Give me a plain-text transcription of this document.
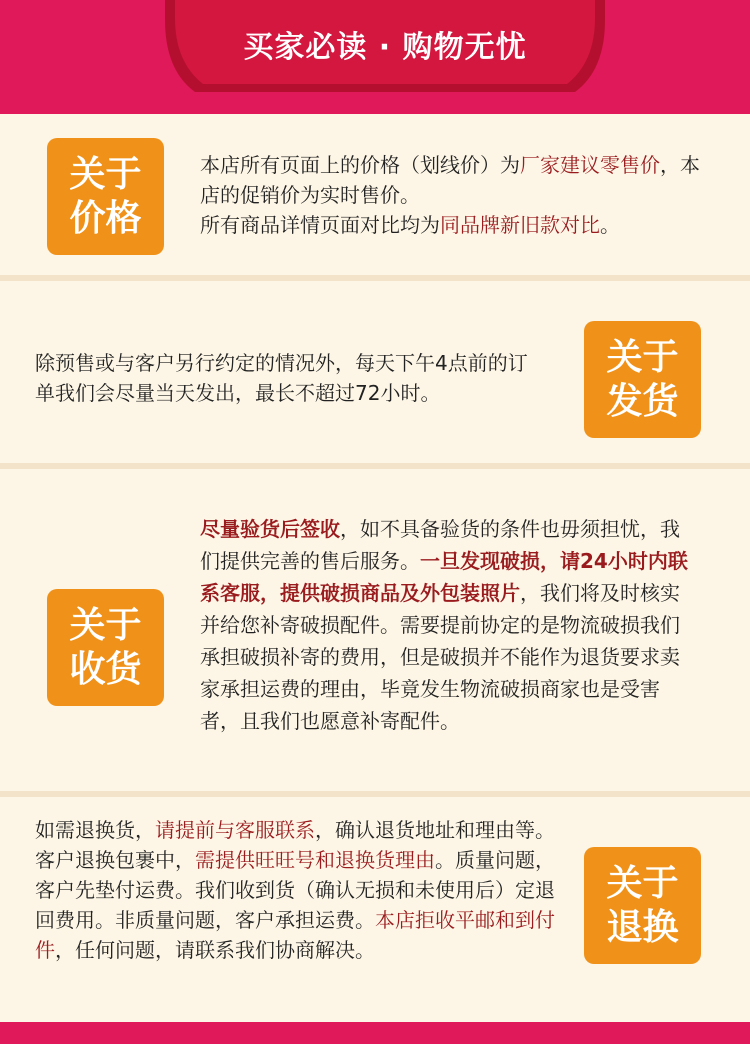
买家必读 · 购物无忧
关于
价格
本店所有页面上的价格（划线价）为厂家建议零售价，本店的促销价为实时售价。
所有商品详情页面对比均为同品牌新旧款对比。
除预售或与客户另行约定的情况外，每天下午4点前的订单我们会尽量当天发出，最长不超过72小时。
关于
发货
关于
收货
尽量验货后签收，如不具备验货的条件也毋须担忧，我们提供完善的售后服务。一旦发现破损，请24小时内联系客服，提供破损商品及外包装照片，我们将及时核实并给您补寄破损配件。需要提前协定的是物流破损我们承担破损补寄的费用，但是破损并不能作为退货要求卖家承担运费的理由，毕竟发生物流破损商家也是受害者，且我们也愿意补寄配件。
如需退换货，请提前与客服联系，确认退货地址和理由等。客户退换包裹中，需提供旺旺号和退换货理由。质量问题，客户先垫付运费。我们收到货（确认无损和未使用后）定退回费用。非质量问题，客户承担运费。本店拒收平邮和到付件，任何问题，请联系我们协商解决。
关于
退换
